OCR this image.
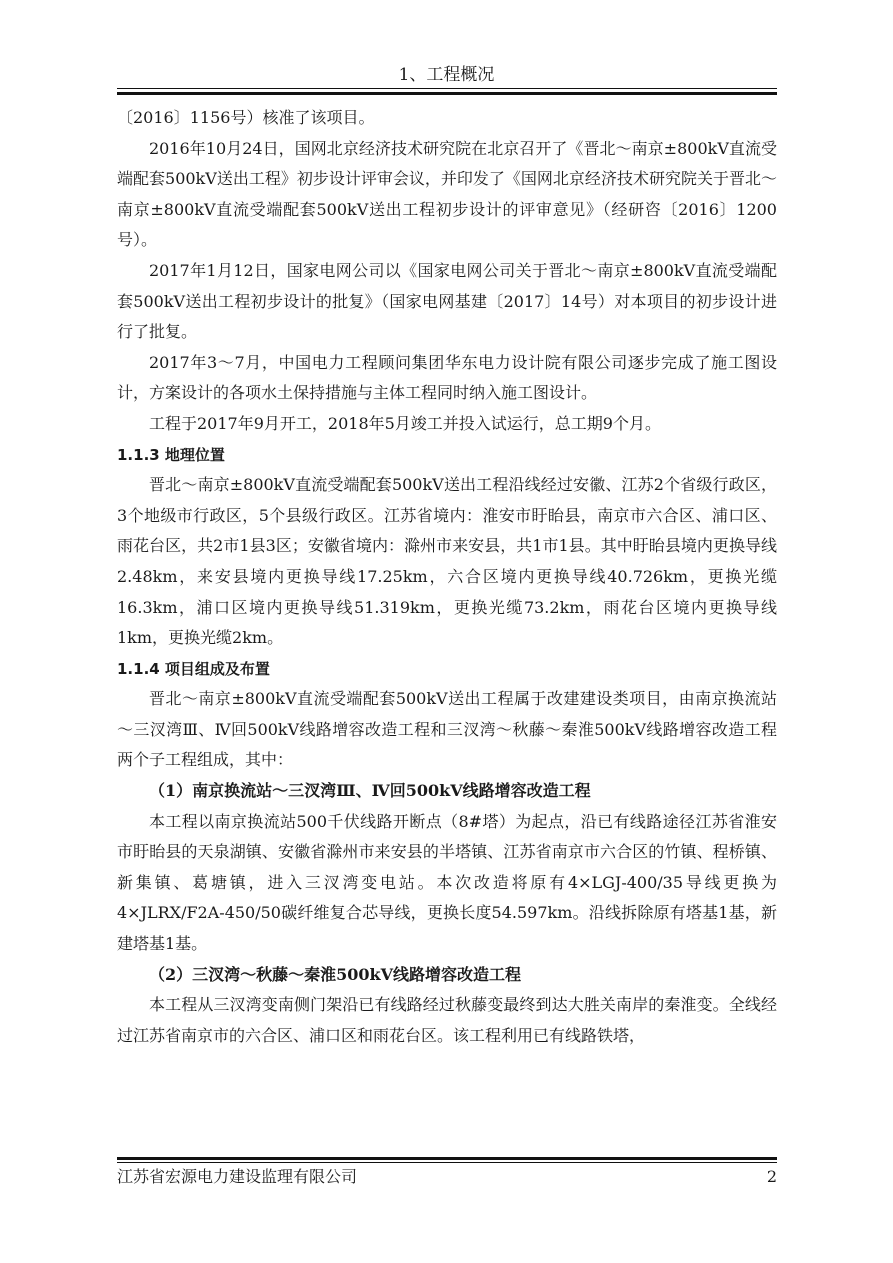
1、工程概况

〔2016〕1156号）核准了该项目。

2016年10月24日，国网北京经济技术研究院在北京召开了《晋北～南京±800kV直流受端配套500kV送出工程》初步设计评审会议，并印发了《国网北京经济技术研究院关于晋北～南京±800kV直流受端配套500kV送出工程初步设计的评审意见》（经研咨〔2016〕1200号）。

2017年1月12日，国家电网公司以《国家电网公司关于晋北～南京±800kV直流受端配套500kV送出工程初步设计的批复》（国家电网基建〔2017〕14号）对本项目的初步设计进行了批复。

2017年3～7月，中国电力工程顾问集团华东电力设计院有限公司逐步完成了施工图设计，方案设计的各项水土保持措施与主体工程同时纳入施工图设计。

工程于2017年9月开工，2018年5月竣工并投入试运行，总工期9个月。

1.1.3 地理位置

晋北～南京±800kV直流受端配套500kV送出工程沿线经过安徽、江苏2个省级行政区，3个地级市行政区，5个县级行政区。江苏省境内：淮安市盱眙县，南京市六合区、浦口区、雨花台区，共2市1县3区；安徽省境内：滁州市来安县，共1市1县。其中盱眙县境内更换导线2.48km，来安县境内更换导线17.25km，六合区境内更换导线40.726km，更换光缆16.3km，浦口区境内更换导线51.319km，更换光缆73.2km，雨花台区境内更换导线1km，更换光缆2km。

1.1.4 项目组成及布置

晋北～南京±800kV直流受端配套500kV送出工程属于改建建设类项目，由南京换流站～三汊湾Ⅲ、Ⅳ回500kV线路增容改造工程和三汊湾～秋藤～秦淮500kV线路增容改造工程两个子工程组成，其中：

（1）南京换流站～三汊湾Ⅲ、Ⅳ回500kV线路增容改造工程

本工程以南京换流站500千伏线路开断点（8#塔）为起点，沿已有线路途径江苏省淮安市盱眙县的天泉湖镇、安徽省滁州市来安县的半塔镇、江苏省南京市六合区的竹镇、程桥镇、新集镇、葛塘镇，进入三汊湾变电站。本次改造将原有4×LGJ-400/35导线更换为4×JLRX/F2A-450/50碳纤维复合芯导线，更换长度54.597km。沿线拆除原有塔基1基，新建塔基1基。

（2）三汊湾～秋藤～秦淮500kV线路增容改造工程

本工程从三汊湾变南侧门架沿已有线路经过秋藤变最终到达大胜关南岸的秦淮变。全线经过江苏省南京市的六合区、浦口区和雨花台区。该工程利用已有线路铁塔，

江苏省宏源电力建设监理有限公司	2
